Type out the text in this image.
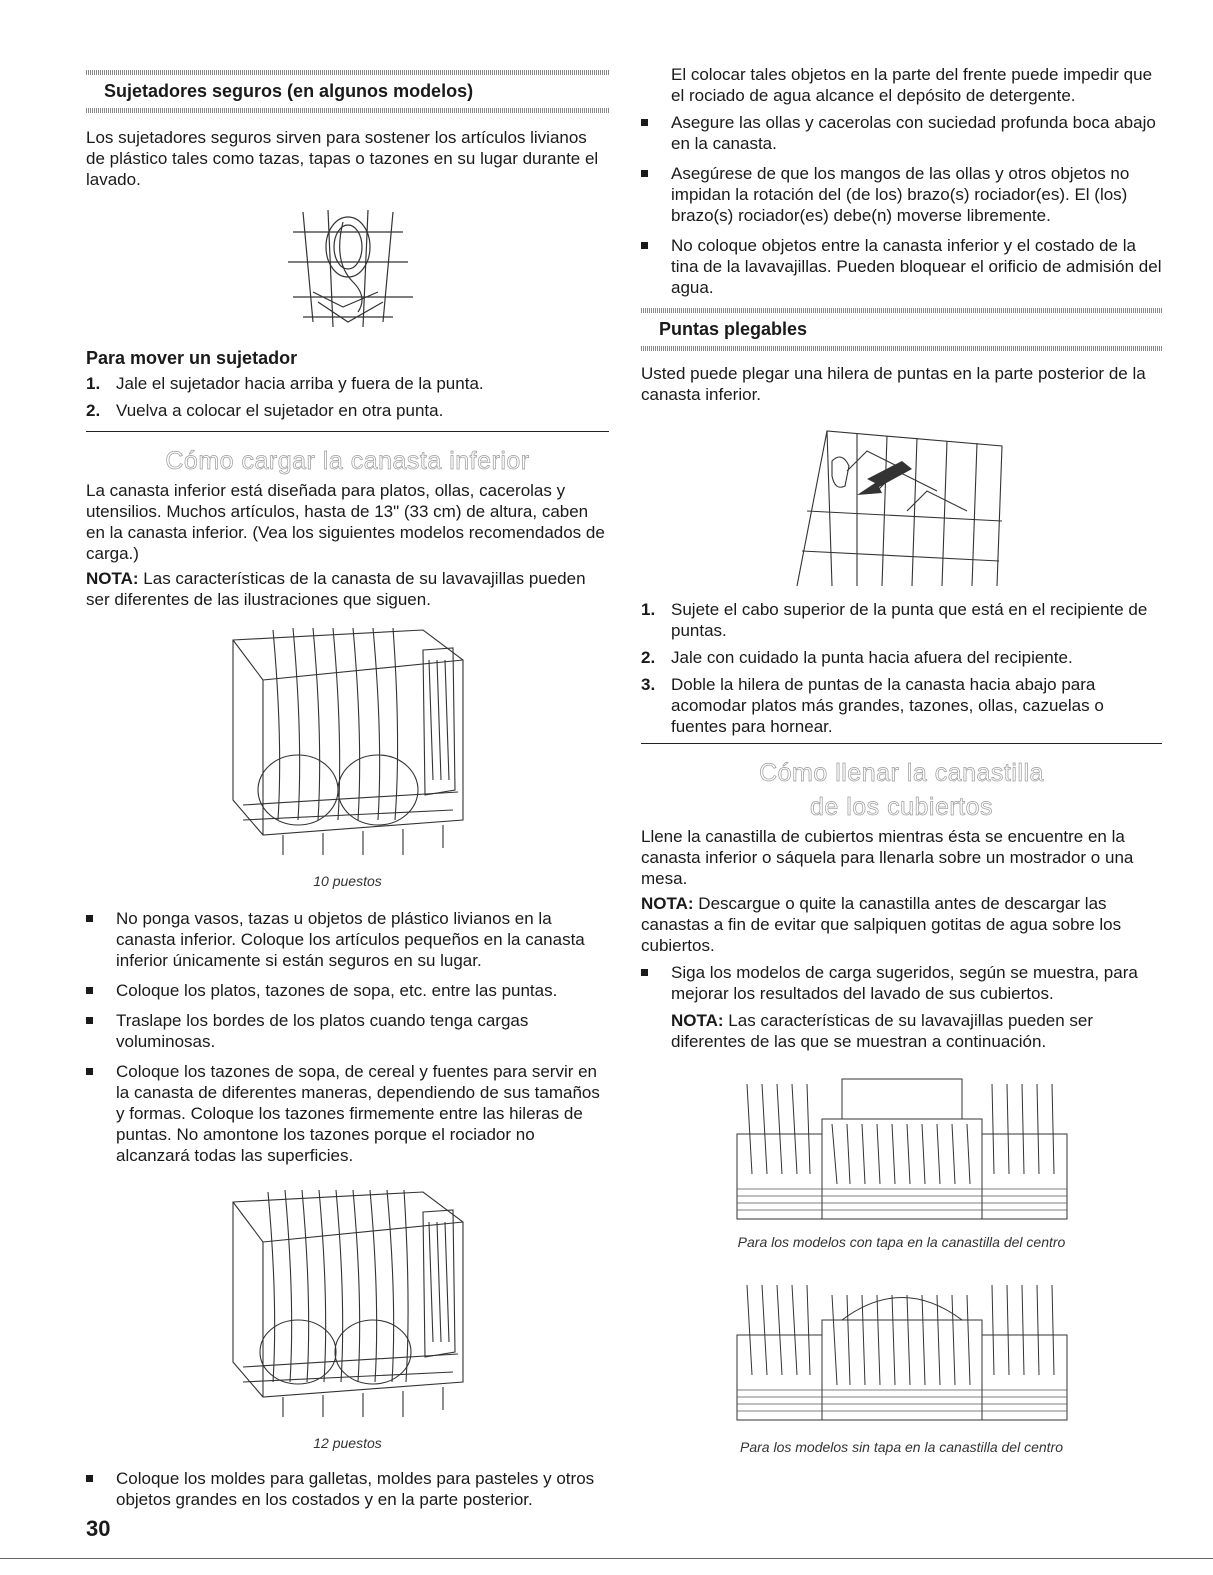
Sujetadores seguros (en algunos modelos)

Los sujetadores seguros sirven para sostener los artículos livianos de plástico tales como tazas, tapas o tazones en su lugar durante el lavado.

Para mover un sujetador
1. Jale el sujetador hacia arriba y fuera de la punta.
2. Vuelva a colocar el sujetador en otra punta.
Cómo cargar la canasta inferior

La canasta inferior está diseñada para platos, ollas, cacerolas y utensilios. Muchos artículos, hasta de 13" (33 cm) de altura, caben en la canasta inferior. (Vea los siguientes modelos recomendados de carga.)

NOTA: Las características de la canasta de su lavavajillas pueden ser diferentes de las ilustraciones que siguen.

10 puestos
No ponga vasos, tazas u objetos de plástico livianos en la canasta inferior. Coloque los artículos pequeños en la canasta inferior únicamente si están seguros en su lugar.
Coloque los platos, tazones de sopa, etc. entre las puntas.
Traslape los bordes de los platos cuando tenga cargas voluminosas.
Coloque los tazones de sopa, de cereal y fuentes para servir en la canasta de diferentes maneras, dependiendo de sus tamaños y formas. Coloque los tazones firmemente entre las hileras de puntas. No amontone los tazones porque el rociador no alcanzará todas las superficies.
12 puestos
Coloque los moldes para galletas, moldes para pasteles y otros objetos grandes en los costados y en la parte posterior.

El colocar tales objetos en la parte del frente puede impedir que el rociado de agua alcance el depósito de detergente.

Asegure las ollas y cacerolas con suciedad profunda boca abajo en la canasta.
Asegúrese de que los mangos de las ollas y otros objetos no impidan la rotación del (de los) brazo(s) rociador(es). El (los) brazo(s) rociador(es) debe(n) moverse libremente.
No coloque objetos entre la canasta inferior y el costado de la tina de la lavavajillas. Pueden bloquear el orificio de admisión del agua.
Puntas plegables

Usted puede plegar una hilera de puntas en la parte posterior de la canasta inferior.

1. Sujete el cabo superior de la punta que está en el recipiente de puntas.
2. Jale con cuidado la punta hacia afuera del recipiente.
3. Doble la hilera de puntas de la canasta hacia abajo para acomodar platos más grandes, tazones, ollas, cazuelas o fuentes para hornear.
Cómo llenar la canastilla
de los cubiertos

Llene la canastilla de cubiertos mientras ésta se encuentre en la canasta inferior o sáquela para llenarla sobre un mostrador o una mesa.

NOTA: Descargue o quite la canastilla antes de descargar las canastas a fin de evitar que salpiquen gotitas de agua sobre los cubiertos.

Siga los modelos de carga sugeridos, según se muestra, para mejorar los resultados del lavado de sus cubiertos.
NOTA: Las características de su lavavajillas pueden ser diferentes de las que se muestran a continuación.
Para los modelos con tapa en la canastilla del centro
Para los modelos sin tapa en la canastilla del centro
30
